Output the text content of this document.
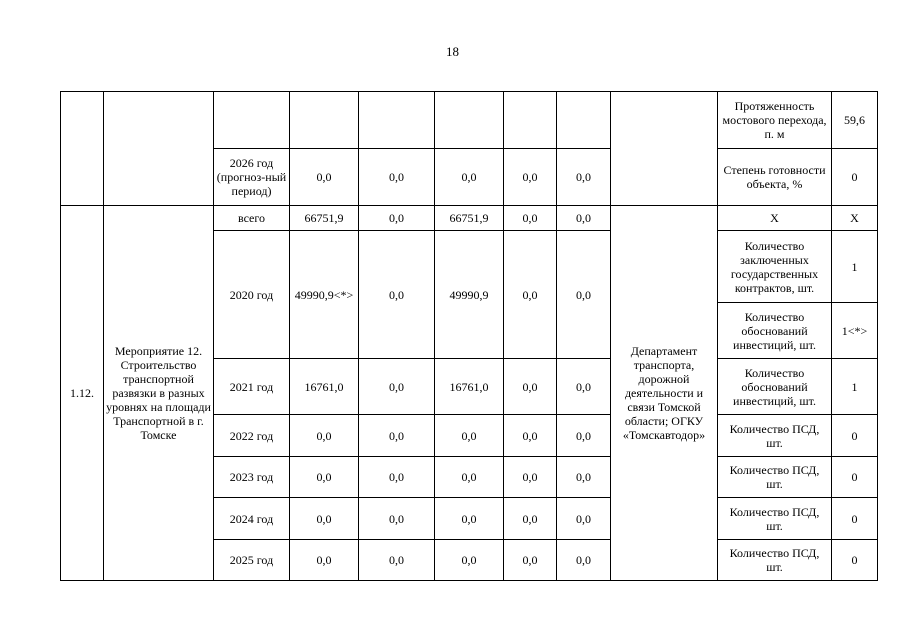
18
									Протяженность мостового перехода, п. м	59,6
		2026 год (прогноз-ный период)	0,0	0,0	0,0	0,0	0,0		Степень готовности объекта, %	0
1.12.	Мероприятие 12. Строительство транспортной развязки в разных уровнях на площади Транспортной в г. Томске	всего	66751,9	0,0	66751,9	0,0	0,0	Департамент транспорта, дорожной деятельности и связи Томской области; ОГКУ «Томскавтодор»	Х	Х
		2020 год	49990,9<*>	0,0	49990,9	0,0	0,0		Количество заключенных государственных контрактов, шт.	1
									Количество обоснований инвестиций, шт.	1<*>
		2021 год	16761,0	0,0	16761,0	0,0	0,0		Количество обоснований инвестиций, шт.	1
		2022 год	0,0	0,0	0,0	0,0	0,0		Количество ПСД, шт.	0
		2023 год	0,0	0,0	0,0	0,0	0,0		Количество ПСД, шт.	0
		2024 год	0,0	0,0	0,0	0,0	0,0		Количество ПСД, шт.	0
		2025 год	0,0	0,0	0,0	0,0	0,0		Количество ПСД, шт.	0
